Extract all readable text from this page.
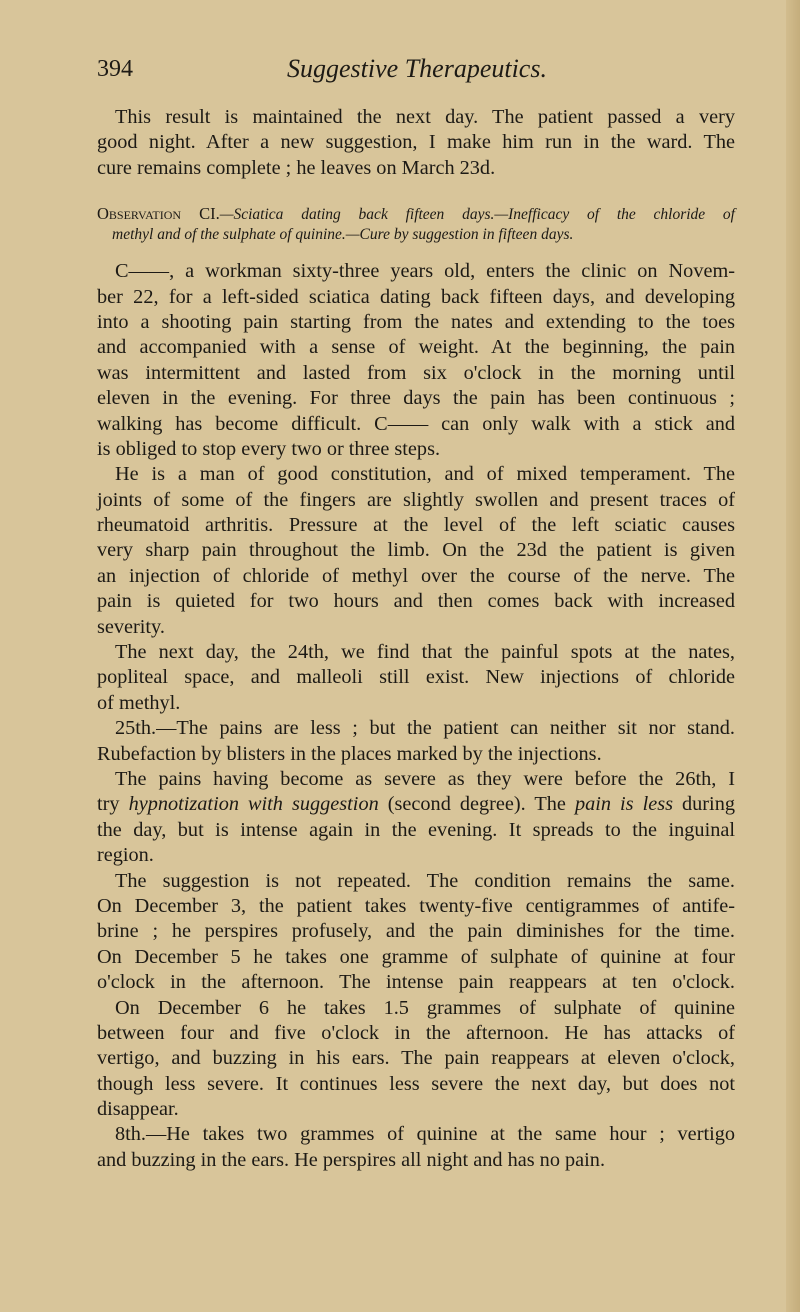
394	Suggestive Therapeutics.
This result is maintained the next day. The patient passed a very
good night. After a new suggestion, I make him run in the ward. The
cure remains complete ; he leaves on March 23d.
Observation CI.—Sciatica dating back fifteen days.—Inefficacy of the chloride of
methyl and of the sulphate of quinine.—Cure by suggestion in fifteen days.
C——, a workman sixty-three years old, enters the clinic on Novem-
ber 22, for a left-sided sciatica dating back fifteen days, and developing
into a shooting pain starting from the nates and extending to the toes
and accompanied with a sense of weight. At the beginning, the pain
was intermittent and lasted from six o'clock in the morning until
eleven in the evening. For three days the pain has been continuous ;
walking has become difficult. C—— can only walk with a stick and
is obliged to stop every two or three steps.
He is a man of good constitution, and of mixed temperament. The
joints of some of the fingers are slightly swollen and present traces of
rheumatoid arthritis. Pressure at the level of the left sciatic causes
very sharp pain throughout the limb. On the 23d the patient is given
an injection of chloride of methyl over the course of the nerve. The
pain is quieted for two hours and then comes back with increased
severity.
The next day, the 24th, we find that the painful spots at the nates,
popliteal space, and malleoli still exist. New injections of chloride
of methyl.
25th.—The pains are less ; but the patient can neither sit nor stand.
Rubefaction by blisters in the places marked by the injections.
The pains having become as severe as they were before the 26th, I
try hypnotization with suggestion (second degree). The pain is less during
the day, but is intense again in the evening. It spreads to the inguinal
region.
The suggestion is not repeated. The condition remains the same.
On December 3, the patient takes twenty-five centigrammes of antife-
brine ; he perspires profusely, and the pain diminishes for the time.
On December 5 he takes one gramme of sulphate of quinine at four
o'clock in the afternoon. The intense pain reappears at ten o'clock.
On December 6 he takes 1.5 grammes of sulphate of quinine
between four and five o'clock in the afternoon. He has attacks of
vertigo, and buzzing in his ears. The pain reappears at eleven o'clock,
though less severe. It continues less severe the next day, but does not
disappear.
8th.—He takes two grammes of quinine at the same hour ; vertigo
and buzzing in the ears. He perspires all night and has no pain.
